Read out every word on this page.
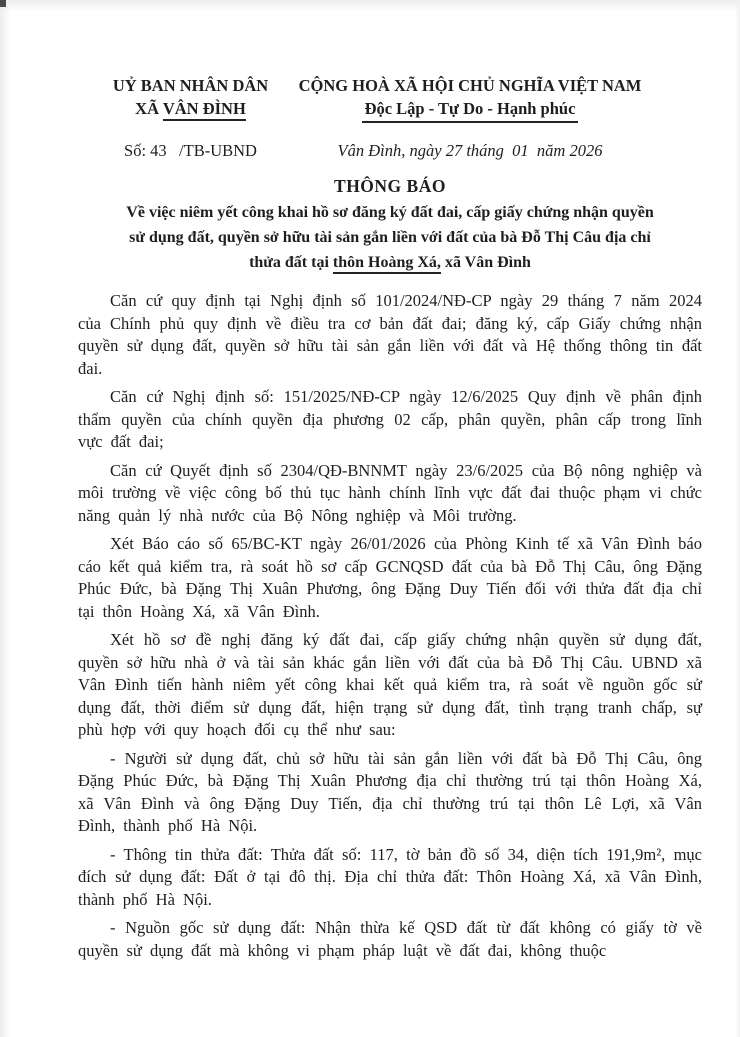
UỶ BAN NHÂN DÂN
XÃ VÂN ĐÌNH
CỘNG HOÀ XÃ HỘI CHỦ NGHĨA VIỆT NAM
Độc Lập - Tự Do - Hạnh phúc
Số: 43   /TB-UBND	Vân Đình, ngày 27 tháng  01  năm 2026
THÔNG BÁO
Về việc niêm yết công khai hồ sơ đăng ký đất đai, cấp giấy chứng nhận quyền
sử dụng đất, quyền sở hữu tài sản gắn liền với đất của bà Đỗ Thị Câu địa chỉ
thửa đất tại thôn Hoàng Xá, xã Vân Đình

Căn cứ quy định tại Nghị định số 101/2024/NĐ-CP ngày 29 tháng 7 năm 2024 của Chính phủ quy định về điều tra cơ bản đất đai; đăng ký, cấp Giấy chứng nhận quyền sử dụng đất, quyền sở hữu tài sản gắn liền với đất và Hệ thống thông tin đất đai.

Căn cứ Nghị định số: 151/2025/NĐ-CP ngày 12/6/2025 Quy định về phân định thẩm quyền của chính quyền địa phương 02 cấp, phân quyền, phân cấp trong lĩnh vực đất đai;

Căn cứ Quyết định số 2304/QĐ-BNNMT ngày 23/6/2025 của Bộ nông nghiệp và môi trường về việc công bố thủ tục hành chính lĩnh vực đất đai thuộc phạm vi chức năng quản lý nhà nước của Bộ Nông nghiệp và Môi trường.

Xét Báo cáo số 65/BC-KT ngày 26/01/2026 của Phòng Kinh tế xã Vân Đình báo cáo kết quả kiểm tra, rà soát hồ sơ cấp GCNQSD đất của bà Đỗ Thị Câu, ông Đặng Phúc Đức, bà Đặng Thị Xuân Phương, ông Đặng Duy Tiến đối với thửa đất địa chỉ tại thôn Hoàng Xá, xã Vân Đình.

Xét hồ sơ đề nghị đăng ký đất đai, cấp giấy chứng nhận quyền sử dụng đất, quyền sở hữu nhà ở và tài sản khác gắn liền với đất của bà Đỗ Thị Câu. UBND xã Vân Đình tiến hành niêm yết công khai kết quả kiểm tra, rà soát về nguồn gốc sử dụng đất, thời điểm sử dụng đất, hiện trạng sử dụng đất, tình trạng tranh chấp, sự phù hợp với quy hoạch đối cụ thể như sau:

- Người sử dụng đất, chủ sở hữu tài sản gắn liền với đất bà Đỗ Thị Câu, ông Đặng Phúc Đức, bà Đặng Thị Xuân Phương địa chỉ thường trú tại thôn Hoàng Xá, xã Vân Đình và ông Đặng Duy Tiến, địa chỉ thường trú tại thôn Lê Lợi, xã Vân Đình, thành phố Hà Nội.

- Thông tin thửa đất: Thửa đất số: 117, tờ bản đồ số 34, diện tích 191,9m², mục đích sử dụng đất: Đất ở tại đô thị. Địa chỉ thửa đất: Thôn Hoàng Xá, xã Vân Đình, thành phố Hà Nội.

- Nguồn gốc sử dụng đất: Nhận thừa kế QSD đất từ đất không có giấy tờ về quyền sử dụng đất mà không vi phạm pháp luật về đất đai, không thuộc
